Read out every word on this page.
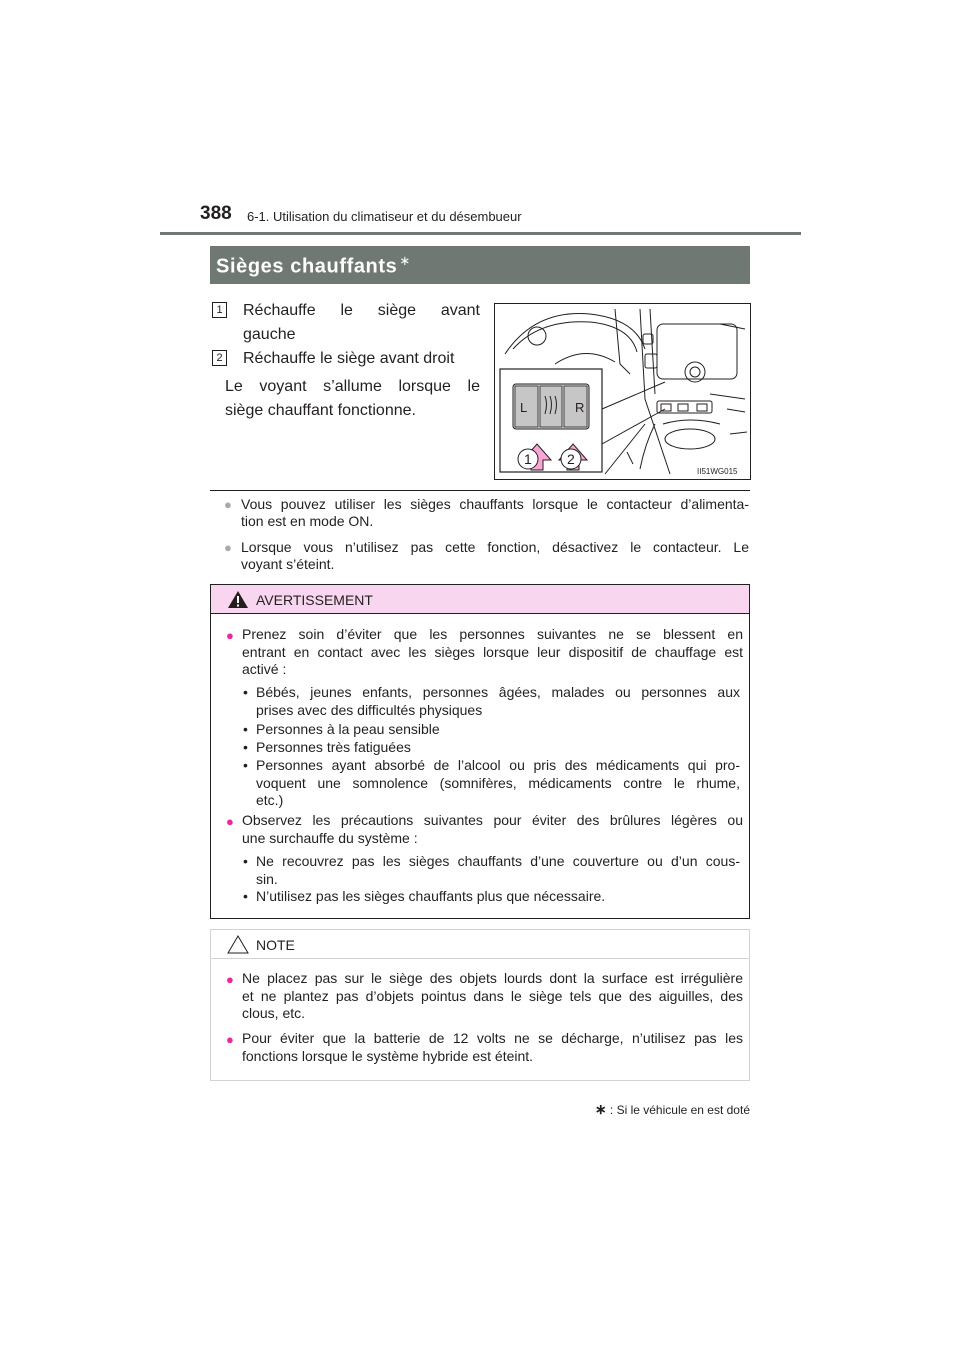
388 6-1. Utilisation du climatiseur et du désembueur
Sièges chauffants ∗
1 Réchauffe le siège avant
gauche
2 Réchauffe le siège avant droit
Le voyant s’allume lorsque le
siège chauffant fonctionne.	L	R
1	2
II51WG015
● Vous pouvez utiliser les sièges chauffants lorsque le contacteur d’alimenta-
tion est en mode ON.
● Lorsque vous n’utilisez pas cette fonction, désactivez le contacteur. Le
voyant s’éteint.
AVERTISSEMENT
● Prenez soin d’éviter que les personnes suivantes ne se blessent en
entrant en contact avec les sièges lorsque leur dispositif de chauffage est
activé :
• Bébés, jeunes enfants, personnes âgées, malades ou personnes aux
prises avec des difficultés physiques
• Personnes à la peau sensible
• Personnes très fatiguées
• Personnes ayant absorbé de l’alcool ou pris des médicaments qui pro-
voquent une somnolence (somnifères, médicaments contre le rhume,
etc.)
● Observez les précautions suivantes pour éviter des brûlures légères ou
une surchauffe du système :
• Ne recouvrez pas les sièges chauffants d’une couverture ou d’un cous-
sin.
• N’utilisez pas les sièges chauffants plus que nécessaire.
NOTE
● Ne placez pas sur le siège des objets lourds dont la surface est irrégulière
et ne plantez pas d’objets pointus dans le siège tels que des aiguilles, des
clous, etc.
● Pour éviter que la batterie de 12 volts ne se décharge, n’utilisez pas les
fonctions lorsque le système hybride est éteint.
∗ : Si le véhicule en est doté
